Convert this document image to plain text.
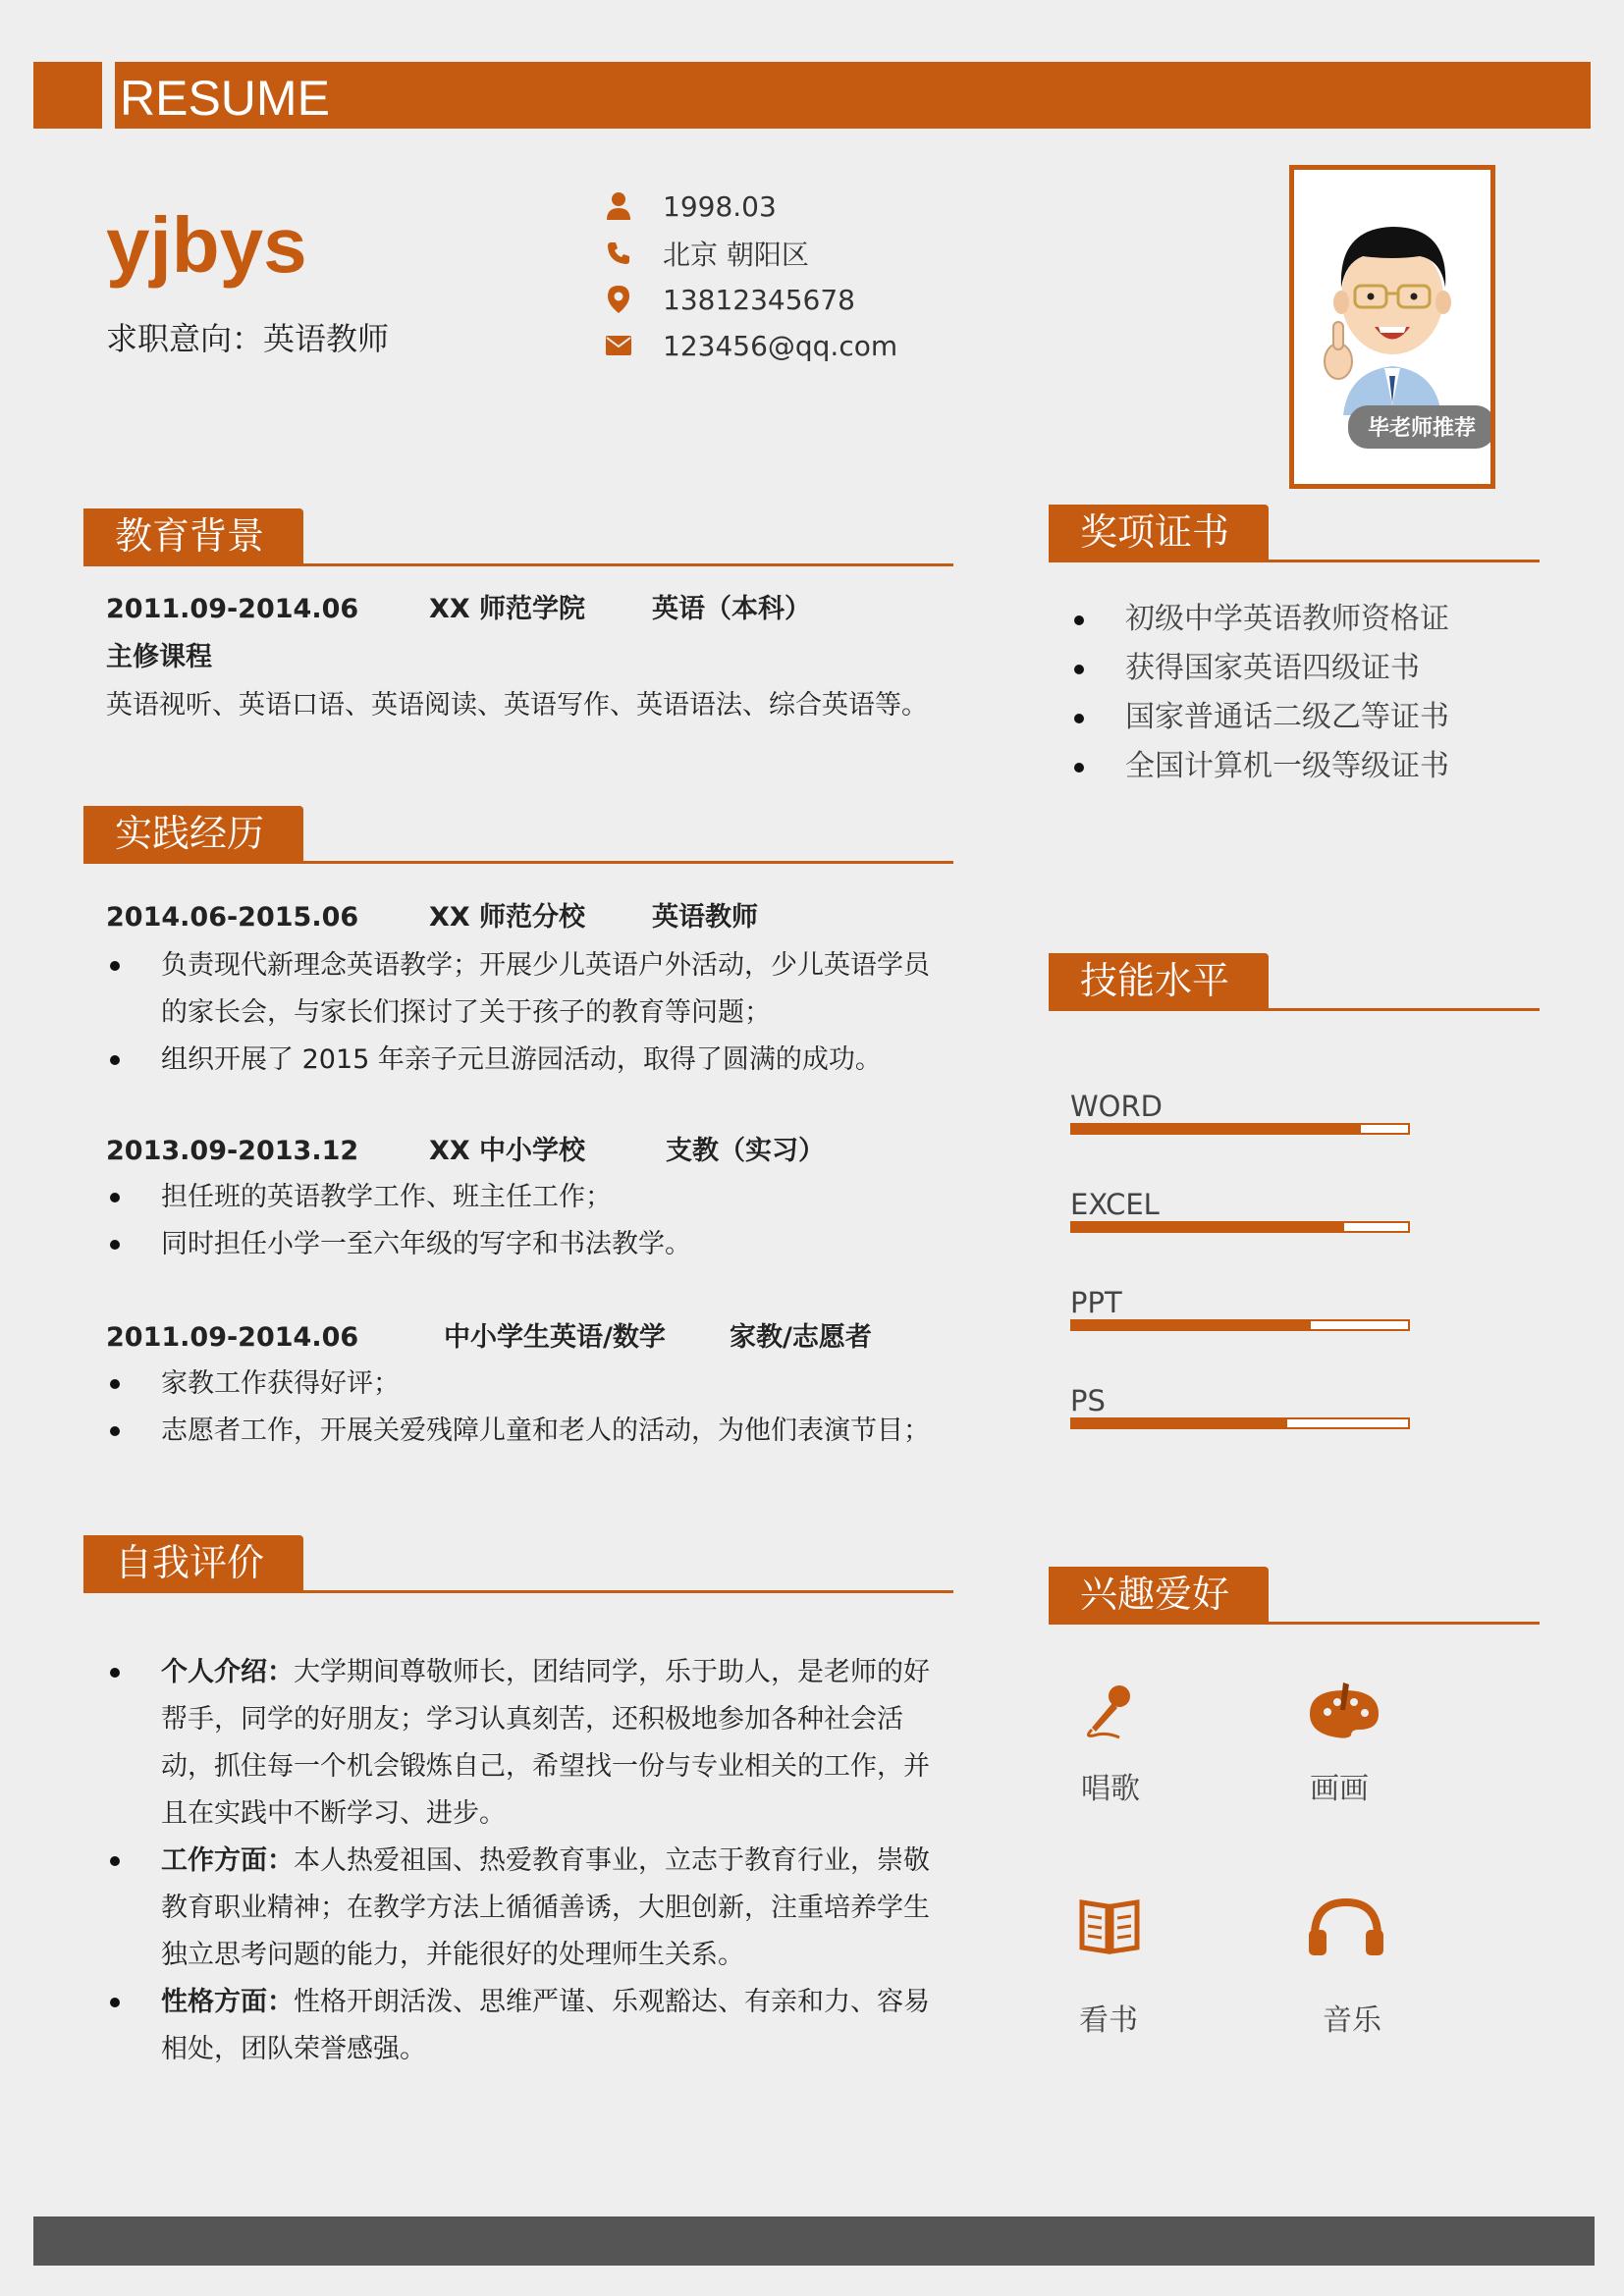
RESUME
yjbys
求职意向：英语教师
1998.03
北京 朝阳区
13812345678
123456@qq.com
毕老师推荐
教育背景
2011.09-2014.06	XX 师范学院	英语（本科）
主修课程
英语视听、英语口语、英语阅读、英语写作、英语语法、综合英语等。
实践经历
2014.06-2015.06	XX 师范分校	英语教师
负责现代新理念英语教学；开展少儿英语户外活动，少儿英语学员的家长会，与家长们探讨了关于孩子的教育等问题；
组织开展了 2015 年亲子元旦游园活动，取得了圆满的成功。
2013.09-2013.12	XX 中小学校	支教（实习）
担任班的英语教学工作、班主任工作；
同时担任小学一至六年级的写字和书法教学。
2011.09-2014.06	中小学生英语/数学 家教/志愿者
家教工作获得好评；
志愿者工作，开展关爱残障儿童和老人的活动，为他们表演节目；
自我评价
个人介绍：大学期间尊敬师长，团结同学，乐于助人，是老师的好帮手，同学的好朋友；学习认真刻苦，还积极地参加各种社会活动，抓住每一个机会锻炼自己，希望找一份与专业相关的工作，并且在实践中不断学习、进步。
工作方面：本人热爱祖国、热爱教育事业，立志于教育行业，崇敬教育职业精神；在教学方法上循循善诱，大胆创新，注重培养学生独立思考问题的能力，并能很好的处理师生关系。
性格方面：性格开朗活泼、思维严谨、乐观豁达、有亲和力、容易相处，团队荣誉感强。
奖项证书
初级中学英语教师资格证
获得国家英语四级证书
国家普通话二级乙等证书
全国计算机一级等级证书
技能水平
WORD
EXCEL
PPT
PS
兴趣爱好
唱歌	画画
看书	音乐
